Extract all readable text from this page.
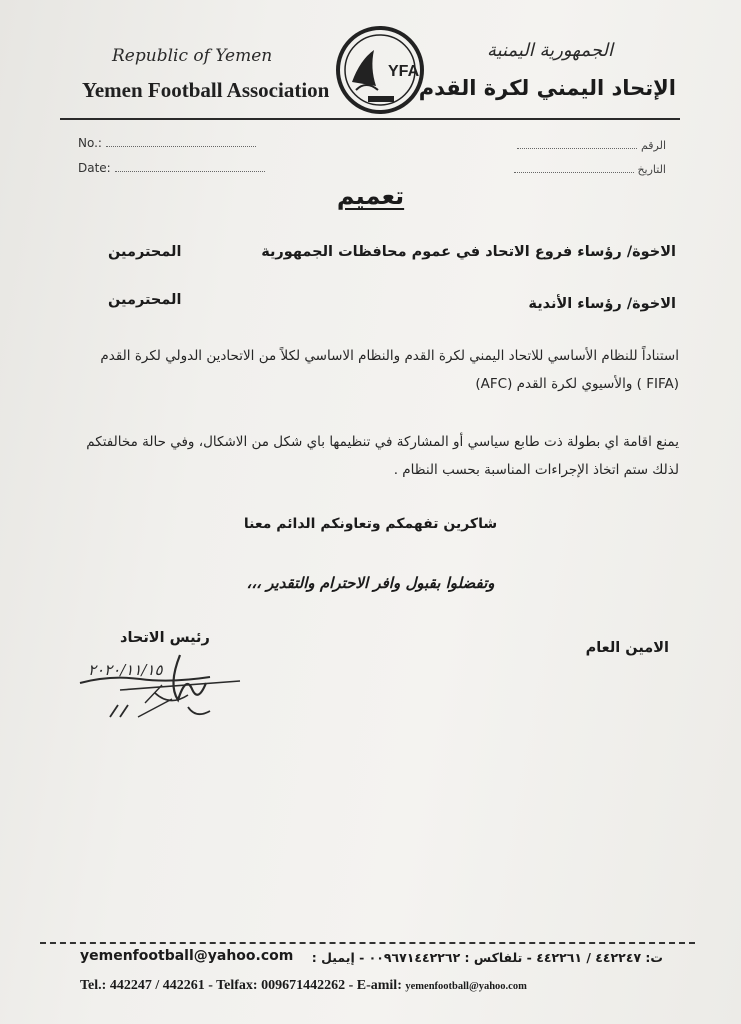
Republic of Yemen
Yemen Football Association
YFA
الجمهورية اليمنية
الإتحاد اليمني لكرة القدم
No.:
Date:
الرقم
التاريخ
تعميم
الاخوة/ رؤساء فروع الاتحاد في عموم محافظات الجمهورية
المحترمين
الاخوة/ رؤساء الأندية
المحترمين
استناداً للنظام الأساسي للاتحاد اليمني لكرة القدم والنظام الاساسي لكلاً من الاتحادين الدولي لكرة القدم (FIFA ) والأسيوي لكرة القدم (AFC)
يمنع اقامة اي بطولة ذت طابع سياسي أو المشاركة في تنظيمها باي شكل من الاشكال، وفي حالة مخالفتكم لذلك ستم اتخاذ الإجراءات المناسبة بحسب النظام .
شاكرين تفهمكم وتعاونكم الدائم معنا
وتفضلوا بقبول وافر الاحترام والتقدير ،،،
رئيس الاتحاد
الامين العام
٢٠٢٠/١١/١٥
yemenfootball@yahoo.com ت: ٤٤٢٢٤٧ / ٤٤٢٢٦١ - تلفاكس : ٠٠٩٦٧١٤٤٢٢٦٢ - إيميل :
Tel.: 442247 / 442261 - Telfax: 009671442262 - E-amil: yemenfootball@yahoo.com
